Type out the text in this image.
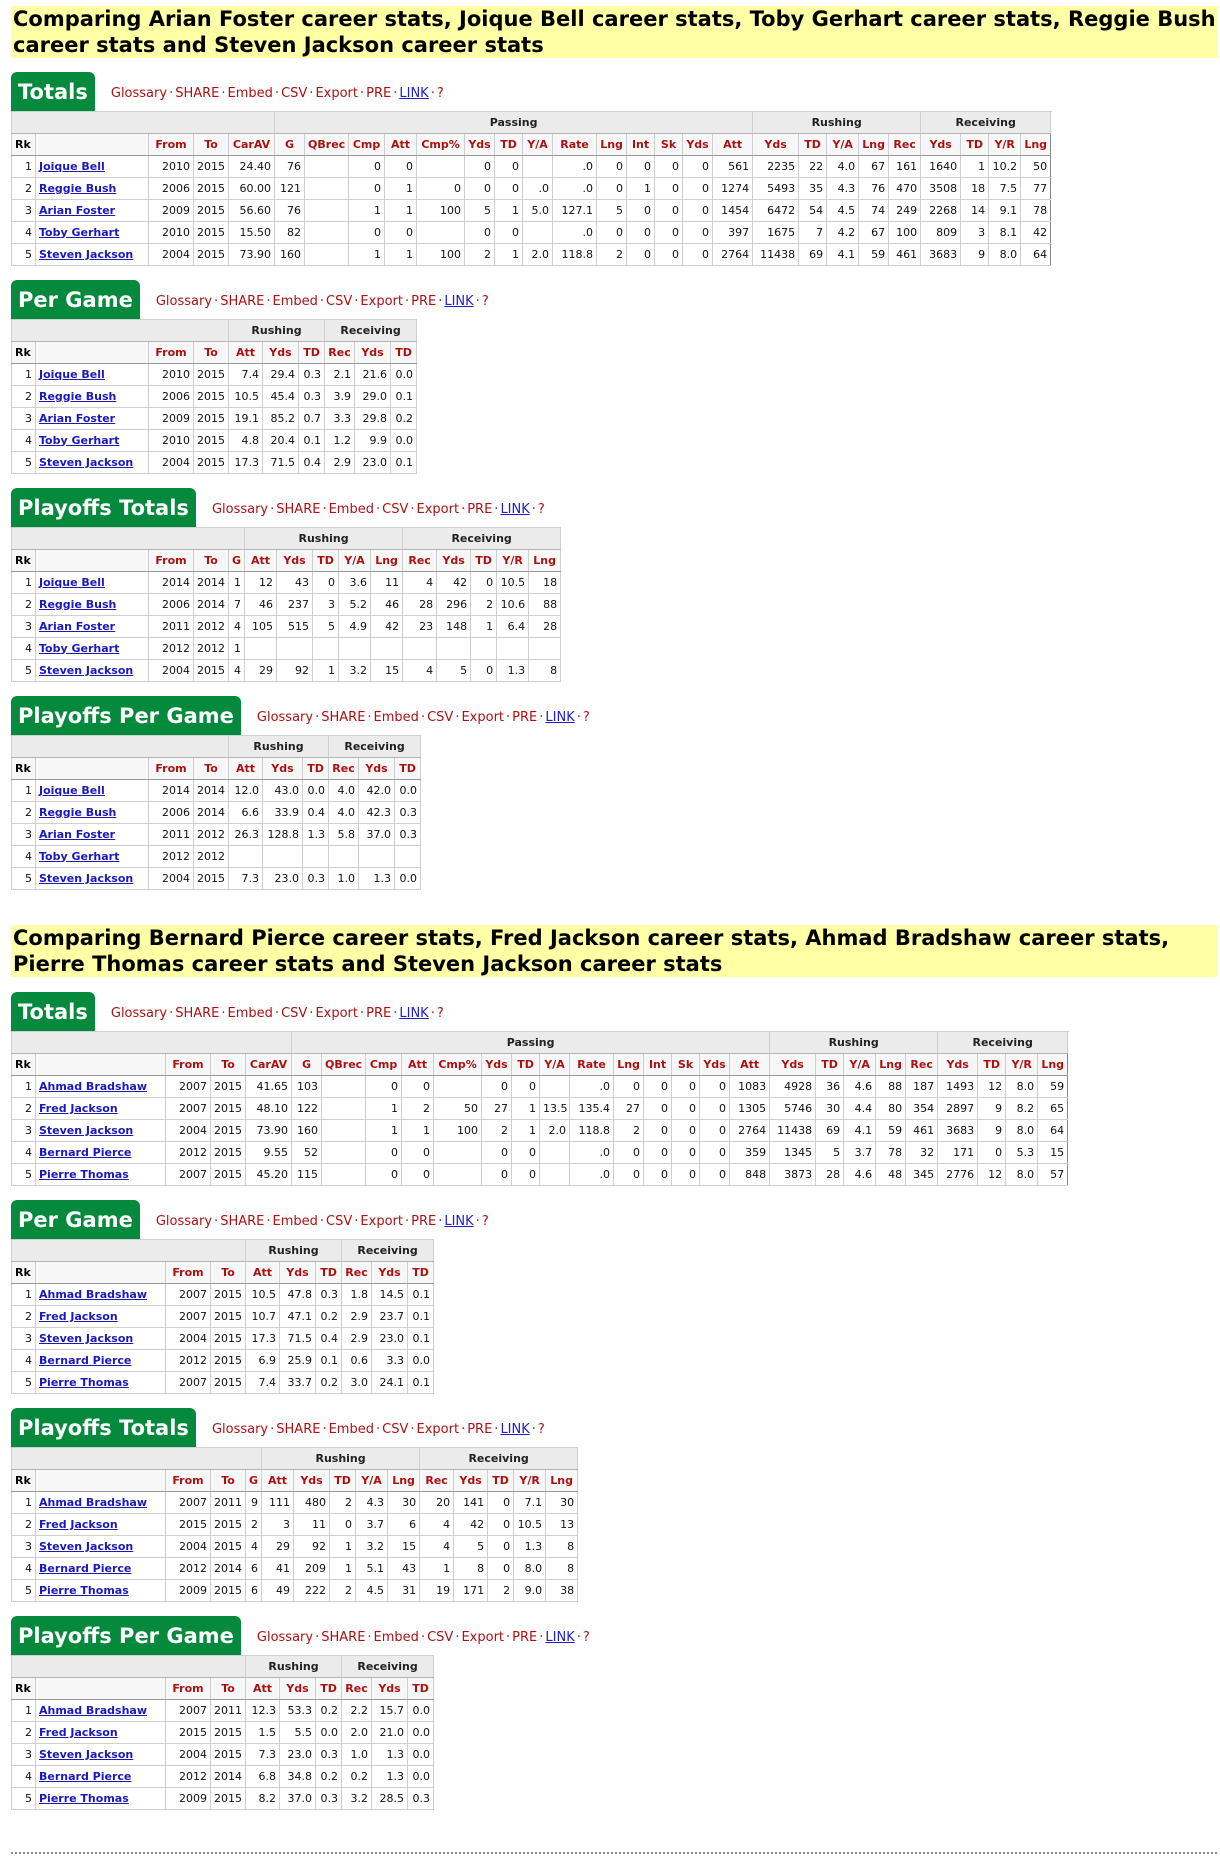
Comparing Arian Foster career stats, Joique Bell career stats, Toby Gerhart career stats, Reggie Bush career stats and Steven Jackson career stats
Comparing Bernard Pierce career stats, Fred Jackson career stats, Ahmad Bradshaw career stats, Pierre Thomas career stats and Steven Jackson career stats
Totals	Glossary · SHARE · Embed · CSV · Export · PRE · LINK · ?
					Passing														Rushing					Receiving			
Rk		From	To	CarAV	G	QBrec	Cmp	Att	Cmp%	Yds	TD	Y/A	Rate	Lng	Int	Sk	Yds	Att	Yds	TD	Y/A	Lng	Rec	Yds	TD	Y/R	Lng
1	Joique Bell	2010	2015	24.40	76		0	0		0	0		.0	0	0	0	0	561	2235	22	4.0	67	161	1640	1	10.2	50
2	Reggie Bush	2006	2015	60.00	121		0	1	0	0	0	.0	.0	0	1	0	0	1274	5493	35	4.3	76	470	3508	18	7.5	77
3	Arian Foster	2009	2015	56.60	76		1	1	100	5	1	5.0	127.1	5	0	0	0	1454	6472	54	4.5	74	249	2268	14	9.1	78
4	Toby Gerhart	2010	2015	15.50	82		0	0		0	0		.0	0	0	0	0	397	1675	7	4.2	67	100	809	3	8.1	42
5	Steven Jackson	2004	2015	73.90	160		1	1	100	2	1	2.0	118.8	2	0	0	0	2764	11438	69	4.1	59	461	3683	9	8.0	64
Per Game	Glossary · SHARE · Embed · CSV · Export · PRE · LINK · ?
				Rushing			Receiving		
Rk		From	To	Att	Yds	TD	Rec	Yds	TD
1	Joique Bell	2010	2015	7.4	29.4	0.3	2.1	21.6	0.0
2	Reggie Bush	2006	2015	10.5	45.4	0.3	3.9	29.0	0.1
3	Arian Foster	2009	2015	19.1	85.2	0.7	3.3	29.8	0.2
4	Toby Gerhart	2010	2015	4.8	20.4	0.1	1.2	9.9	0.0
5	Steven Jackson	2004	2015	17.3	71.5	0.4	2.9	23.0	0.1
Playoffs Totals	Glossary · SHARE · Embed · CSV · Export · PRE · LINK · ?
					Rushing					Receiving				
Rk		From	To	G	Att	Yds	TD	Y/A	Lng	Rec	Yds	TD	Y/R	Lng
1	Joique Bell	2014	2014	1	12	43	0	3.6	11	4	42	0	10.5	18
2	Reggie Bush	2006	2014	7	46	237	3	5.2	46	28	296	2	10.6	88
3	Arian Foster	2011	2012	4	105	515	5	4.9	42	23	148	1	6.4	28
4	Toby Gerhart	2012	2012	1										
5	Steven Jackson	2004	2015	4	29	92	1	3.2	15	4	5	0	1.3	8
Playoffs Per Game	Glossary · SHARE · Embed · CSV · Export · PRE · LINK · ?
				Rushing			Receiving		
Rk		From	To	Att	Yds	TD	Rec	Yds	TD
1	Joique Bell	2014	2014	12.0	43.0	0.0	4.0	42.0	0.0
2	Reggie Bush	2006	2014	6.6	33.9	0.4	4.0	42.3	0.3
3	Arian Foster	2011	2012	26.3	128.8	1.3	5.8	37.0	0.3
4	Toby Gerhart	2012	2012						
5	Steven Jackson	2004	2015	7.3	23.0	0.3	1.0	1.3	0.0
Totals	Glossary · SHARE · Embed · CSV · Export · PRE · LINK · ?
					Passing														Rushing					Receiving			
Rk		From	To	CarAV	G	QBrec	Cmp	Att	Cmp%	Yds	TD	Y/A	Rate	Lng	Int	Sk	Yds	Att	Yds	TD	Y/A	Lng	Rec	Yds	TD	Y/R	Lng
1	Ahmad Bradshaw	2007	2015	41.65	103		0	0		0	0		.0	0	0	0	0	1083	4928	36	4.6	88	187	1493	12	8.0	59
2	Fred Jackson	2007	2015	48.10	122		1	2	50	27	1	13.5	135.4	27	0	0	0	1305	5746	30	4.4	80	354	2897	9	8.2	65
3	Steven Jackson	2004	2015	73.90	160		1	1	100	2	1	2.0	118.8	2	0	0	0	2764	11438	69	4.1	59	461	3683	9	8.0	64
4	Bernard Pierce	2012	2015	9.55	52		0	0		0	0		.0	0	0	0	0	359	1345	5	3.7	78	32	171	0	5.3	15
5	Pierre Thomas	2007	2015	45.20	115		0	0		0	0		.0	0	0	0	0	848	3873	28	4.6	48	345	2776	12	8.0	57
Per Game	Glossary · SHARE · Embed · CSV · Export · PRE · LINK · ?
				Rushing			Receiving		
Rk		From	To	Att	Yds	TD	Rec	Yds	TD
1	Ahmad Bradshaw	2007	2015	10.5	47.8	0.3	1.8	14.5	0.1
2	Fred Jackson	2007	2015	10.7	47.1	0.2	2.9	23.7	0.1
3	Steven Jackson	2004	2015	17.3	71.5	0.4	2.9	23.0	0.1
4	Bernard Pierce	2012	2015	6.9	25.9	0.1	0.6	3.3	0.0
5	Pierre Thomas	2007	2015	7.4	33.7	0.2	3.0	24.1	0.1
Playoffs Totals	Glossary · SHARE · Embed · CSV · Export · PRE · LINK · ?
					Rushing					Receiving				
Rk		From	To	G	Att	Yds	TD	Y/A	Lng	Rec	Yds	TD	Y/R	Lng
1	Ahmad Bradshaw	2007	2011	9	111	480	2	4.3	30	20	141	0	7.1	30
2	Fred Jackson	2015	2015	2	3	11	0	3.7	6	4	42	0	10.5	13
3	Steven Jackson	2004	2015	4	29	92	1	3.2	15	4	5	0	1.3	8
4	Bernard Pierce	2012	2014	6	41	209	1	5.1	43	1	8	0	8.0	8
5	Pierre Thomas	2009	2015	6	49	222	2	4.5	31	19	171	2	9.0	38
Playoffs Per Game	Glossary · SHARE · Embed · CSV · Export · PRE · LINK · ?
				Rushing			Receiving		
Rk		From	To	Att	Yds	TD	Rec	Yds	TD
1	Ahmad Bradshaw	2007	2011	12.3	53.3	0.2	2.2	15.7	0.0
2	Fred Jackson	2015	2015	1.5	5.5	0.0	2.0	21.0	0.0
3	Steven Jackson	2004	2015	7.3	23.0	0.3	1.0	1.3	0.0
4	Bernard Pierce	2012	2014	6.8	34.8	0.2	0.2	1.3	0.0
5	Pierre Thomas	2009	2015	8.2	37.0	0.3	3.2	28.5	0.3
